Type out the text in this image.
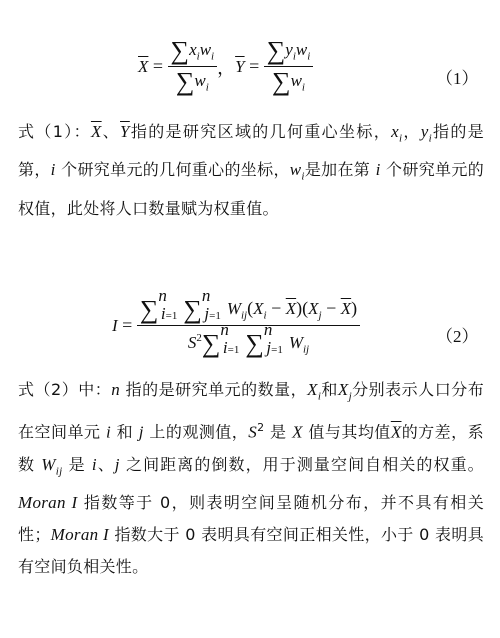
$\overline{X} = \frac{\sum x_iw_i}{\sum w_i}$ ， $\overline{Y} = \frac{\sum y_iw_i}{\sum w_i}$	（1）
式（1）：$\overline{X}$、$\overline{Y}$指的是研究区域的几何重心坐标，$x_i$，$y_i$指的是第，i 个研究单元的几何重心的坐标，$w_i$是加在第 i 个研究单元的权值，此处将人口数量赋为权重值。
$I = \frac{\sum^n_{i=1} \sum^n_{j=1} W_{ij}(X_i - \overline{X})(X_j - \overline{X})}{S^2\sum^n_{i=1} \sum^n_{j=1} W_{ij}}$	（2）
式（2）中：n 指的是研究单元的数量，$X_i$和$X_j$分别表示人口分布在空间单元 i 和 j 上的观测值，$S^2$ 是 X 值与其均值$\overline{X}$的方差，系数 $W_{ij}$ 是 i、j 之间距离的倒数，用于测量空间自相关的权重。Moran I 指数等于 0，则表明空间呈随机分布，并不具有相关性；Moran I 指数大于 0 表明具有空间正相关性，小于 0 表明具有空间负相关性。
